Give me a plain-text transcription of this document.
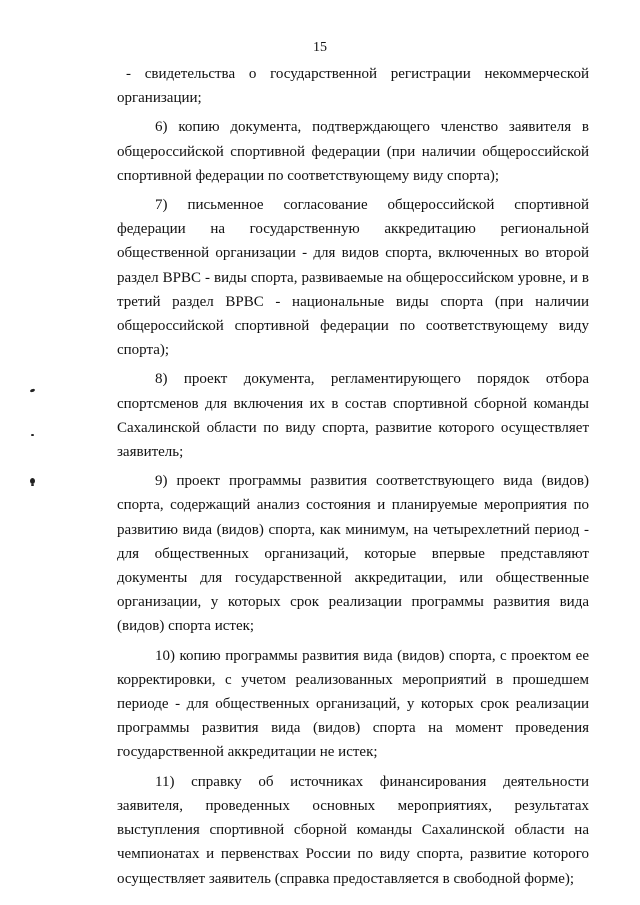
15

- свидетельства о государственной регистрации некоммерческой организации;

6) копию документа, подтверждающего членство заявителя в общероссийской спортивной федерации (при наличии общероссийской спортивной федерации по соответствующему виду спорта);

7) письменное согласование общероссийской спортивной федерации на государственную аккредитацию региональной общественной организации - для видов спорта, включенных во второй раздел ВРВС - виды спорта, развиваемые на общероссийском уровне, и в третий раздел ВРВС - национальные виды спорта (при наличии общероссийской спортивной федерации по соответствующему виду спорта);

8) проект документа, регламентирующего порядок отбора спортсменов для включения их в состав спортивной сборной команды Сахалинской области по виду спорта, развитие которого осуществляет заявитель;

9) проект программы развития соответствующего вида (видов) спорта, содержащий анализ состояния и планируемые мероприятия по развитию вида (видов) спорта, как минимум, на четырехлетний период - для общественных организаций, которые впервые представляют документы для государственной аккредитации, или общественные организации, у которых срок реализации программы развития вида (видов) спорта истек;

10) копию программы развития вида (видов) спорта, с проектом ее корректировки, с учетом реализованных мероприятий в прошедшем периоде - для общественных организаций, у которых срок реализации программы развития вида (видов) спорта на момент проведения государственной аккредитации не истек;

11) справку об источниках финансирования деятельности заявителя, проведенных основных мероприятиях, результатах выступления спортивной сборной команды Сахалинской области на чемпионатах и первенствах России по виду спорта, развитие которого осуществляет заявитель (справка предоставляется в свободной форме);
